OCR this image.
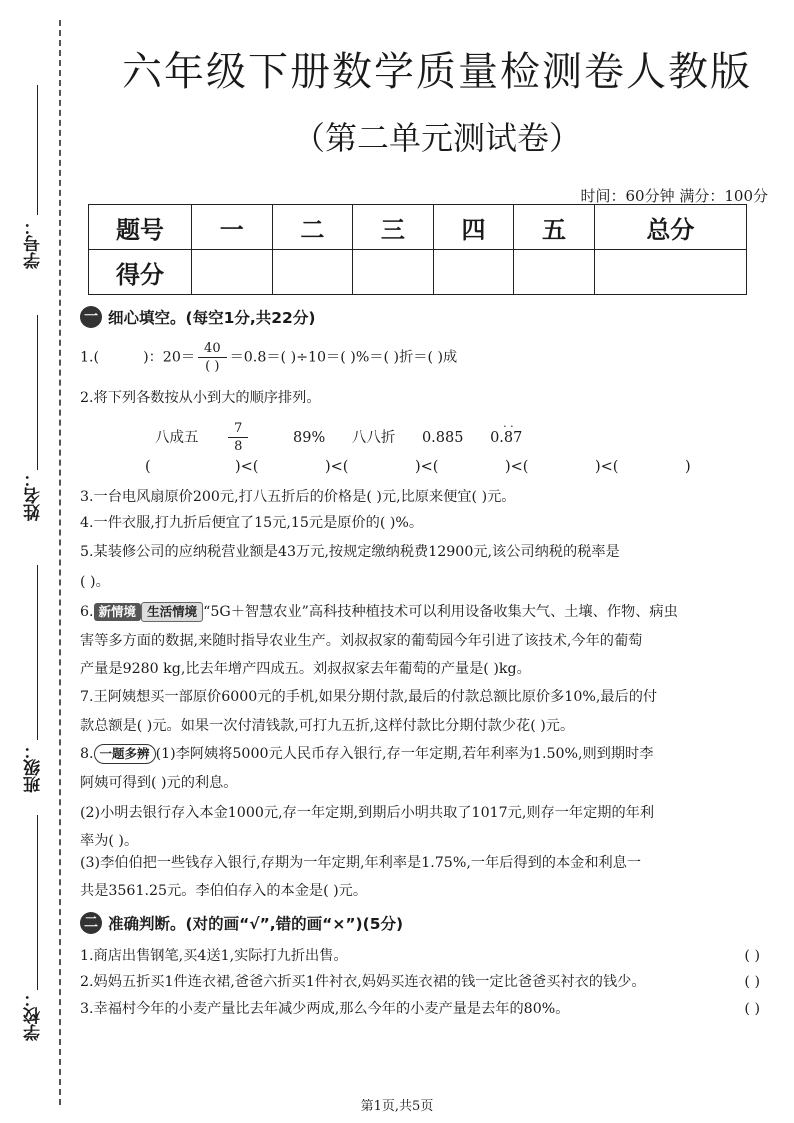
学号：
姓名：
班级：
学校：
六年级下册数学质量检测卷人教版
（第二单元测试卷）
时间：60分钟 满分：100分
题号	一	二	三	四	五	总分
得分						
一 细心填空。(每空1分,共22分)
1.(	)：$20= \frac{40}{( )} =0.8=$( )÷10＝( )%＝( )折＝( )成
2.将下列各数按从小到大的顺序排列。
八成五 $\frac{7}{8} 89\%$ 八八折 0.885 0.87
· ·
(	)<(	)<(	)<(	)<(	)<(	)
3.一台电风扇原价200元,打八五折后的价格是( )元,比原来便宜( )元。
4.一件衣服,打九折后便宜了15元,15元是原价的( )%。
5.某装修公司的应纳税营业额是43万元,按规定缴纳税费12900元,该公司纳税的税率是
( )。
6. 新情境 生活情境 “5G＋智慧农业”高科技种植技术可以利用设备收集大气、土壤、作物、病虫
害等多方面的数据,来随时指导农业生产。刘叔叔家的葡萄园今年引进了该技术,今年的葡萄
产量是9280 kg,比去年增产四成五。刘叔叔家去年葡萄的产量是( )kg。
7.王阿姨想买一部原价6000元的手机,如果分期付款,最后的付款总额比原价多10%,最后的付
款总额是( )元。如果一次付清钱款,可打九五折,这样付款比分期付款少花( )元。
8. 一题多辨 (1)李阿姨将5000元人民币存入银行,存一年定期,若年利率为1.50%,则到期时李
阿姨可得到( )元的利息。
(2)小明去银行存入本金1000元,存一年定期,到期后小明共取了1017元,则存一年定期的年利
率为( )。
(3)李伯伯把一些钱存入银行,存期为一年定期,年利率是1.75%,一年后得到的本金和利息一
共是3561.25元。李伯伯存入的本金是( )元。
二 准确判断。(对的画“√”,错的画“×”)(5分)
1.商店出售钢笔,买4送1,实际打九折出售。	( )
2.妈妈五折买1件连衣裙,爸爸六折买1件衬衣,妈妈买连衣裙的钱一定比爸爸买衬衣的钱少。	( )
3.幸福村今年的小麦产量比去年减少两成,那么今年的小麦产量是去年的80%。	( )
第1页,共5页
